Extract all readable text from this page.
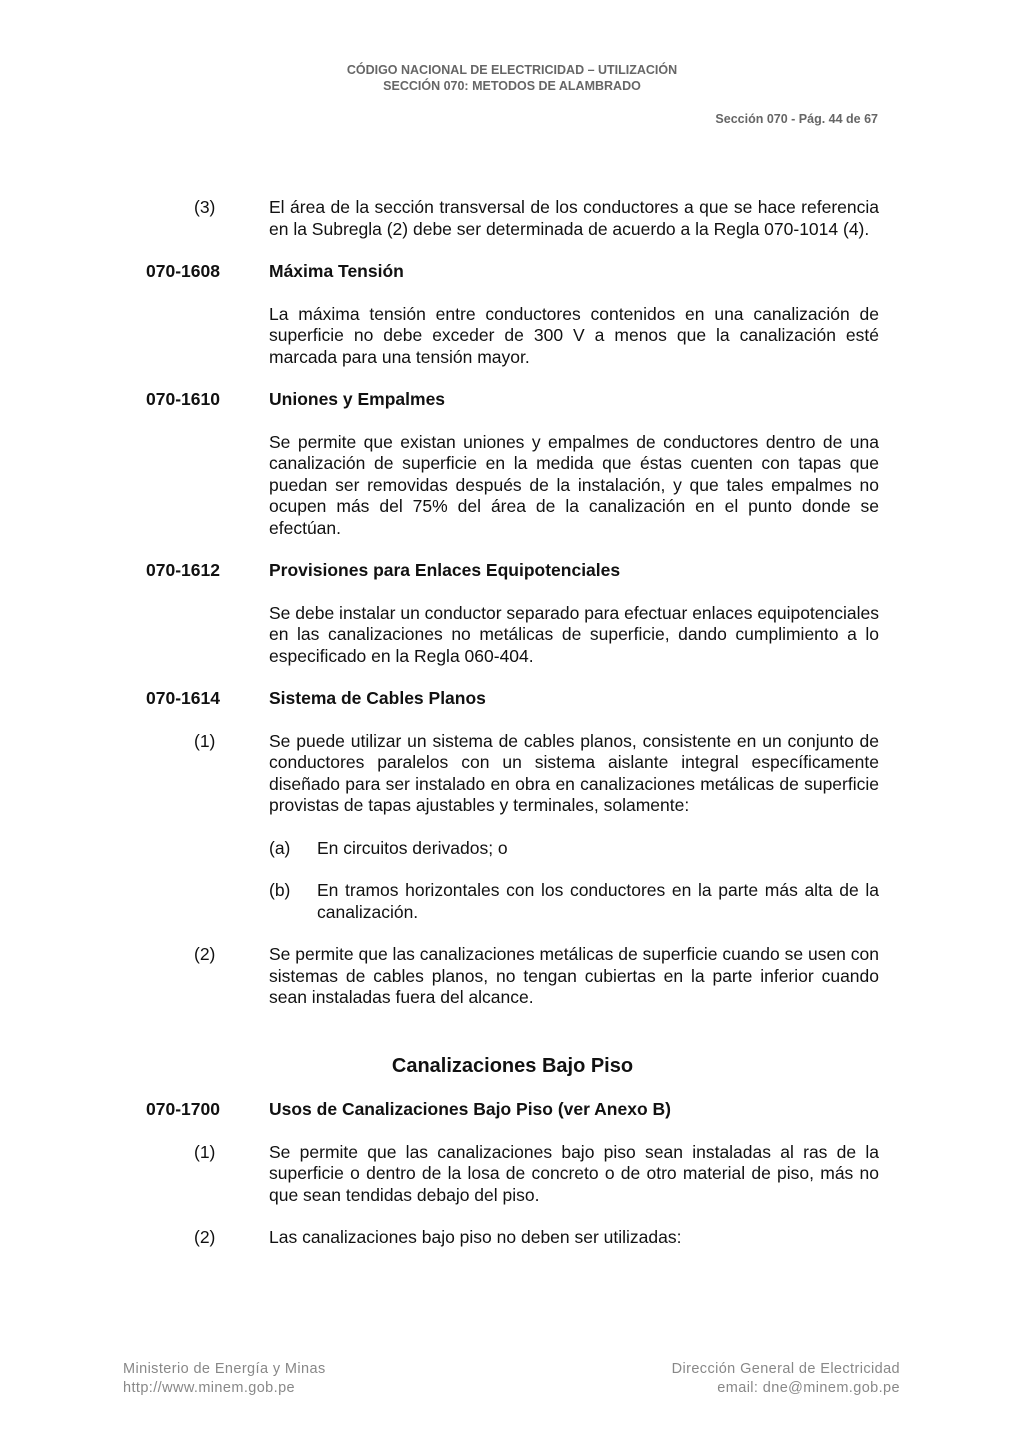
CÓDIGO NACIONAL DE ELECTRICIDAD – UTILIZACIÓN
SECCIÓN 070: METODOS DE ALAMBRADO
Sección 070 - Pág. 44 de 67
(3)	El área de la sección transversal de los conductores a que se hace referencia en la Subregla (2) debe ser determinada de acuerdo a la Regla 070-1014 (4).
070-1608	Máxima Tensión
La máxima tensión entre conductores contenidos en una canalización de superficie no debe exceder de 300 V a menos que la canalización esté marcada para una tensión mayor.
070-1610	Uniones y Empalmes
Se permite que existan uniones y empalmes de conductores dentro de una canalización de superficie en la medida que éstas cuenten con tapas que puedan ser removidas después de la instalación, y que tales empalmes no ocupen más del 75% del área de la canalización en el punto donde se efectúan.
070-1612	Provisiones para Enlaces Equipotenciales
Se debe instalar un conductor separado para efectuar enlaces equipotenciales en las canalizaciones no metálicas de superficie, dando cumplimiento a lo especificado en la Regla 060-404.
070-1614	Sistema de Cables Planos
(1)	Se puede utilizar un sistema de cables planos, consistente en un conjunto de conductores paralelos con un sistema aislante integral específicamente diseñado para ser instalado en obra en canalizaciones metálicas de superficie provistas de tapas ajustables y terminales, solamente:
(a)	En circuitos derivados; o
(b)	En tramos horizontales con los conductores en la parte más alta de la canalización.
(2)	Se permite que las canalizaciones metálicas de superficie cuando se usen con sistemas de cables planos, no tengan cubiertas en la parte inferior cuando sean instaladas fuera del alcance.
Canalizaciones Bajo Piso
070-1700	Usos de Canalizaciones Bajo Piso (ver Anexo B)
(1)	Se permite que las canalizaciones bajo piso sean instaladas al ras de la superficie o dentro de la losa de concreto o de otro material de piso, más no que sean tendidas debajo del piso.
(2)	Las canalizaciones bajo piso no deben ser utilizadas:
Ministerio de Energía y Minas
http://www.minem.gob.pe
Dirección General de Electricidad
email: dne@minem.gob.pe
